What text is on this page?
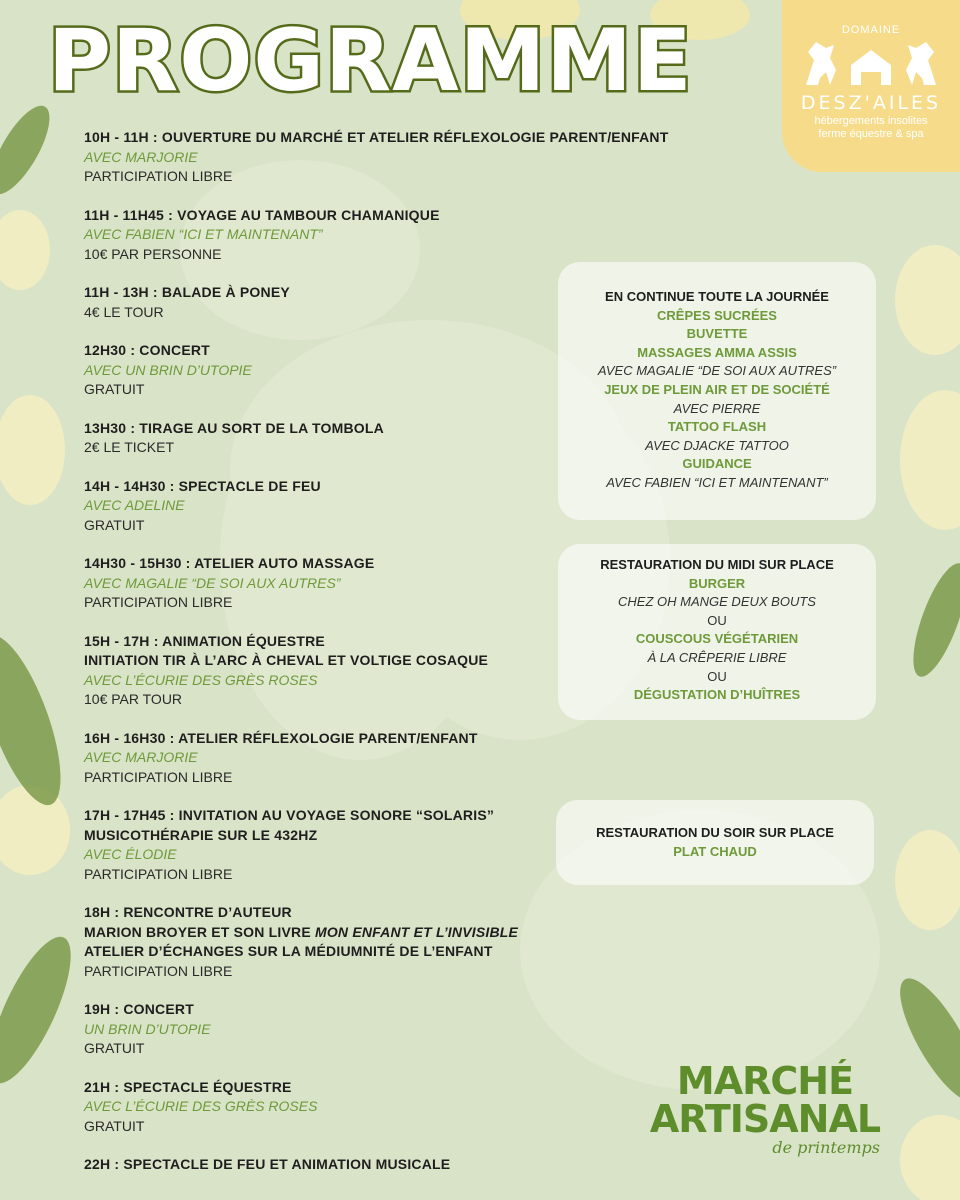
PROGRAMME	DOMAINE
DESZ'AILES
hébergements insolites
ferme équestre & spa
10H - 11H : OUVERTURE DU MARCHÉ ET ATELIER RÉFLEXOLOGIE PARENT/ENFANT
AVEC MARJORIE
PARTICIPATION LIBRE
11H - 11H45 : VOYAGE AU TAMBOUR CHAMANIQUE
AVEC FABIEN “ICI ET MAINTENANT”
10€ PAR PERSONNE
11H - 13H : BALADE À PONEY
4€ LE TOUR
12H30 : CONCERT
AVEC UN BRIN D’UTOPIE
GRATUIT
13H30 : TIRAGE AU SORT DE LA TOMBOLA
2€ LE TICKET
14H - 14H30 : SPECTACLE DE FEU
AVEC ADELINE
GRATUIT
14H30 - 15H30 : ATELIER AUTO MASSAGE
AVEC MAGALIE “DE SOI AUX AUTRES”
PARTICIPATION LIBRE
15H - 17H : ANIMATION ÉQUESTRE
INITIATION TIR À L’ARC À CHEVAL ET VOLTIGE COSAQUE
AVEC L’ÉCURIE DES GRÈS ROSES
10€ PAR TOUR
16H - 16H30 : ATELIER RÉFLEXOLOGIE PARENT/ENFANT
AVEC MARJORIE
PARTICIPATION LIBRE
17H - 17H45 : INVITATION AU VOYAGE SONORE “SOLARIS”
MUSICOTHÉRAPIE SUR LE 432HZ
AVEC ÉLODIE
PARTICIPATION LIBRE
18H : RENCONTRE D’AUTEUR
MARION BROYER ET SON LIVRE MON ENFANT ET L’INVISIBLE
ATELIER D’ÉCHANGES SUR LA MÉDIUMNITÉ DE L’ENFANT
PARTICIPATION LIBRE
19H : CONCERT
UN BRIN D’UTOPIE
GRATUIT
21H : SPECTACLE ÉQUESTRE
AVEC L’ÉCURIE DES GRÈS ROSES
GRATUIT
22H : SPECTACLE DE FEU ET ANIMATION MUSICALE
EN CONTINUE TOUTE LA JOURNÉE
CRÊPES SUCRÉES
BUVETTE
MASSAGES AMMA ASSIS
AVEC MAGALIE “DE SOI AUX AUTRES”
JEUX DE PLEIN AIR ET DE SOCIÉTÉ
AVEC PIERRE
TATTOO FLASH
AVEC DJACKE TATTOO
GUIDANCE
AVEC FABIEN “ICI ET MAINTENANT”
RESTAURATION DU MIDI SUR PLACE
BURGER
CHEZ OH MANGE DEUX BOUTS
OU
COUSCOUS VÉGÉTARIEN
À LA CRÊPERIE LIBRE
OU
DÉGUSTATION D’HUÎTRES
RESTAURATION DU SOIR SUR PLACE
PLAT CHAUD
MARCHÉ
ARTISANAL
de printemps
